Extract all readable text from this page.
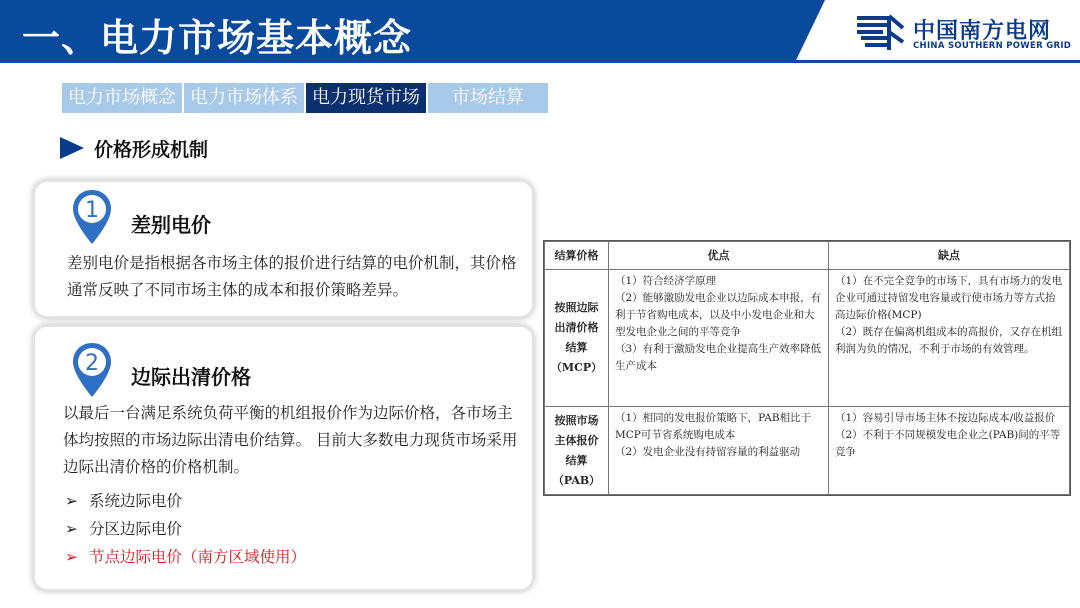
一、电力市场基本概念	中国南方电网
CHINA SOUTHERN POWER GRID
电力市场概念 电力市场体系 电力现货市场	市场结算
价格形成机制
1
差别电价
差别电价是指根据各市场主体的报价进行结算的电价机制，其价格通常反映了不同市场主体的成本和报价策略差异。
2
边际出清价格
以最后一台满足系统负荷平衡的机组报价作为边际价格，各市场主体均按照的市场边际出清电价结算。 目前大多数电力现货市场采用边际出清价格的价格机制。
➢ 系统边际电价
➢ 分区边际电价
➢ 节点边际电价（南方区域使用）
结算价格	优点	缺点

按照边际
出清价格
结算
（MCP）	（1）符合经济学原理
（2）能够激励发电企业以边际成本申报，有利于节省购电成本，以及中小发电企业和大型发电企业之间的平等竞争
（3）有利于激励发电企业提高生产效率降低生产成本	（1）在不完全竞争的市场下，具有市场力的发电企业可通过持留发电容量或行使市场力等方式抬高边际价格(MCP)
（2）既存在偏离机组成本的高报价，又存在机组利润为负的情况，不利于市场的有效管理。

按照市场
主体报价
结算
（PAB）	（1）相同的发电报价策略下，PAB相比于MCP可节省系统购电成本
（2）发电企业没有持留容量的利益驱动	（1）容易引导市场主体不按边际成本/收益报价
（2）不利于不同规模发电企业之(PAB)间的平等竞争
